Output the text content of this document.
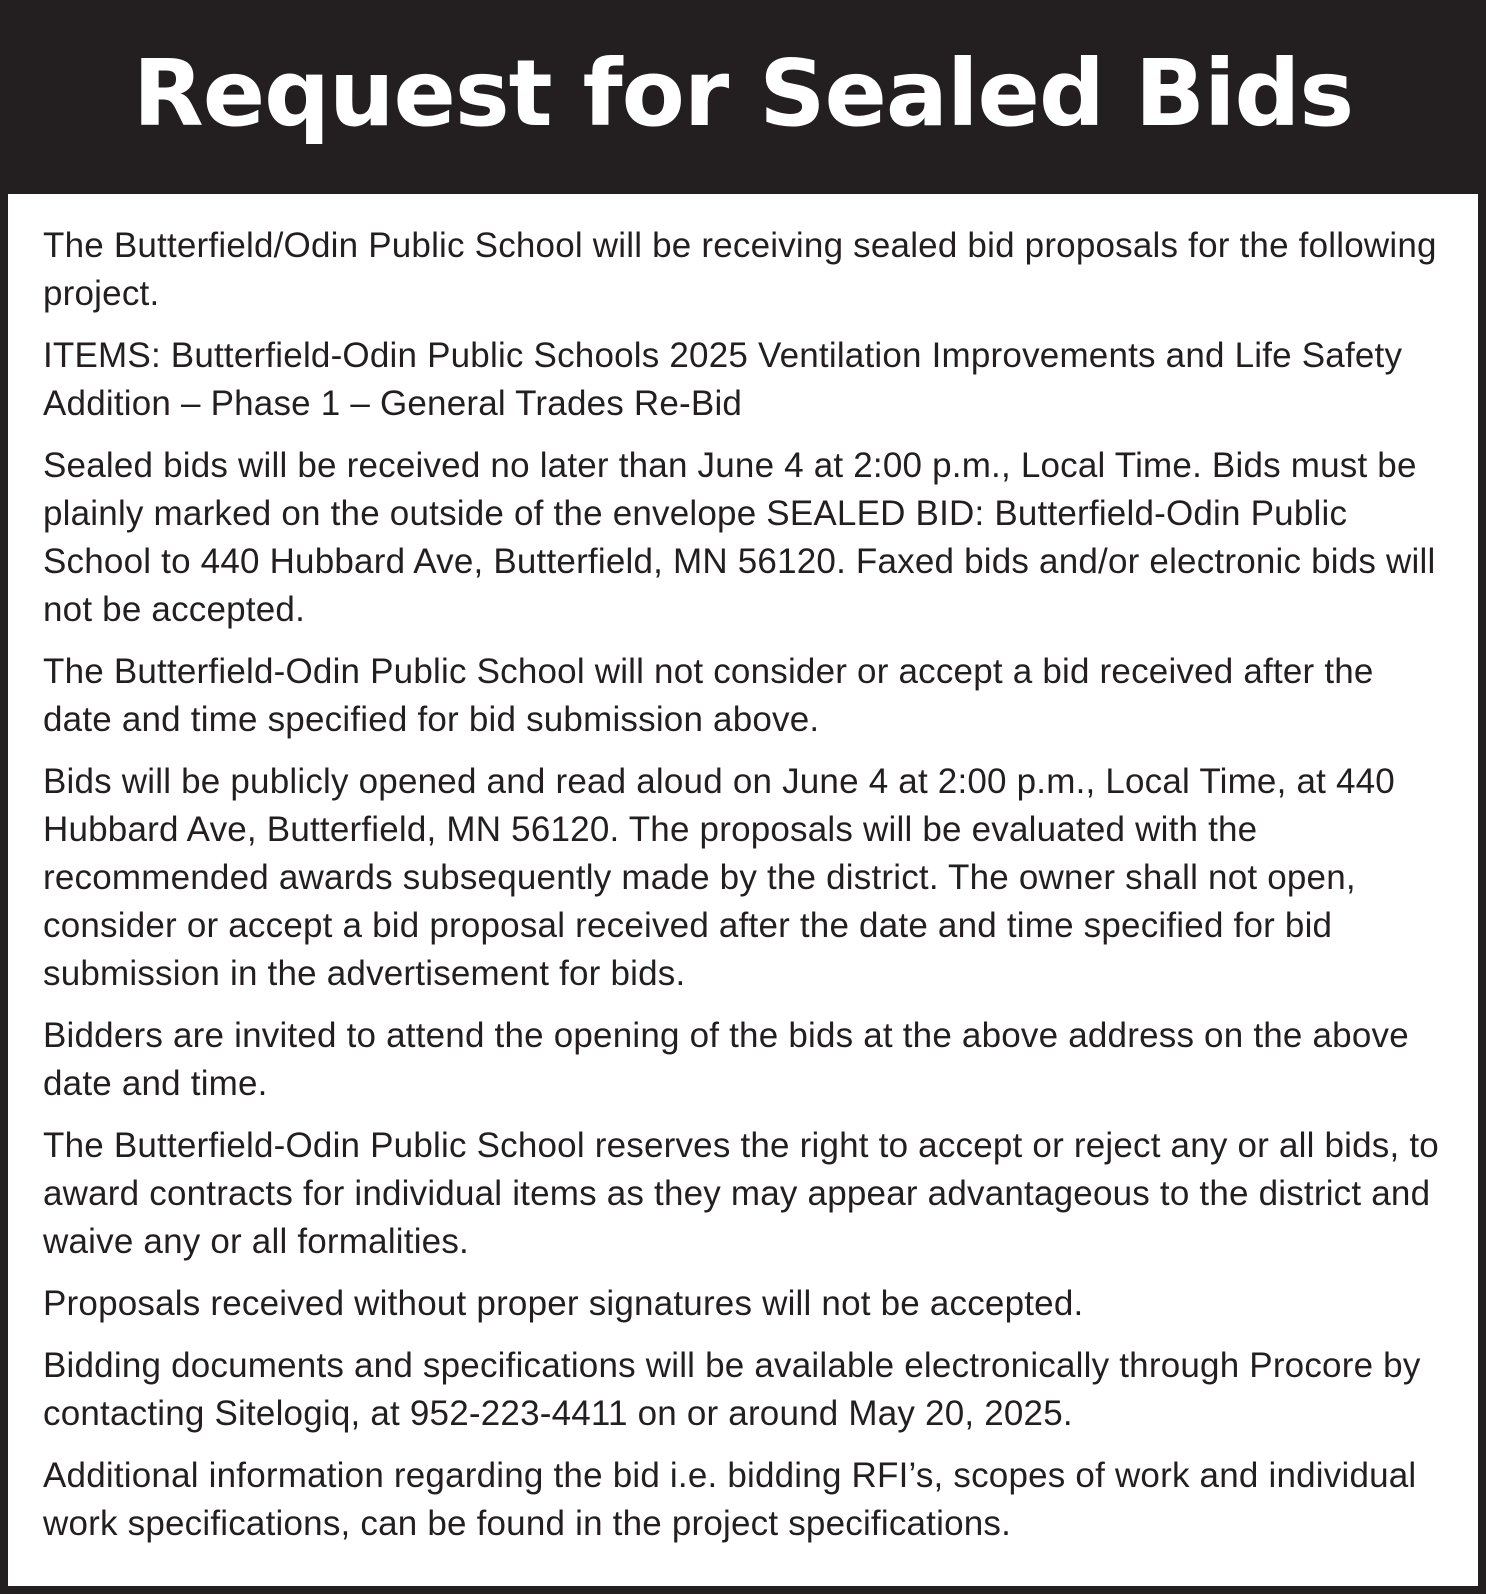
Request for Sealed Bids

The Butterfield/Odin Public School will be receiving sealed bid proposals for the following project.

ITEMS: Butterfield-Odin Public Schools 2025 Ventilation Improvements and Life Safety Addition – Phase 1 – General Trades Re-Bid

Sealed bids will be received no later than June 4 at 2:00 p.m., Local Time. Bids must be plainly marked on the outside of the envelope SEALED BID: Butterfield-Odin Public School to 440 Hubbard Ave, Butterfield, MN 56120. Faxed bids and/or electronic bids will not be accepted.

The Butterfield-Odin Public School will not consider or accept a bid received after the date and time specified for bid submission above.

Bids will be publicly opened and read aloud on June 4 at 2:00 p.m., Local Time, at 440 Hubbard Ave, Butterfield, MN 56120. The proposals will be evaluated with the recommended awards subsequently made by the district. The owner shall not open, consider or accept a bid proposal received after the date and time specified for bid submission in the advertisement for bids.

Bidders are invited to attend the opening of the bids at the above address on the above date and time.

The Butterfield-Odin Public School reserves the right to accept or reject any or all bids, to award contracts for individual items as they may appear advantageous to the district and waive any or all formalities.

Proposals received without proper signatures will not be accepted.

Bidding documents and specifications will be available electronically through Procore by contacting Sitelogiq, at 952-223-4411 on or around May 20, 2025.

Additional information regarding the bid i.e. bidding RFI’s, scopes of work and individual work specifications, can be found in the project specifications.
